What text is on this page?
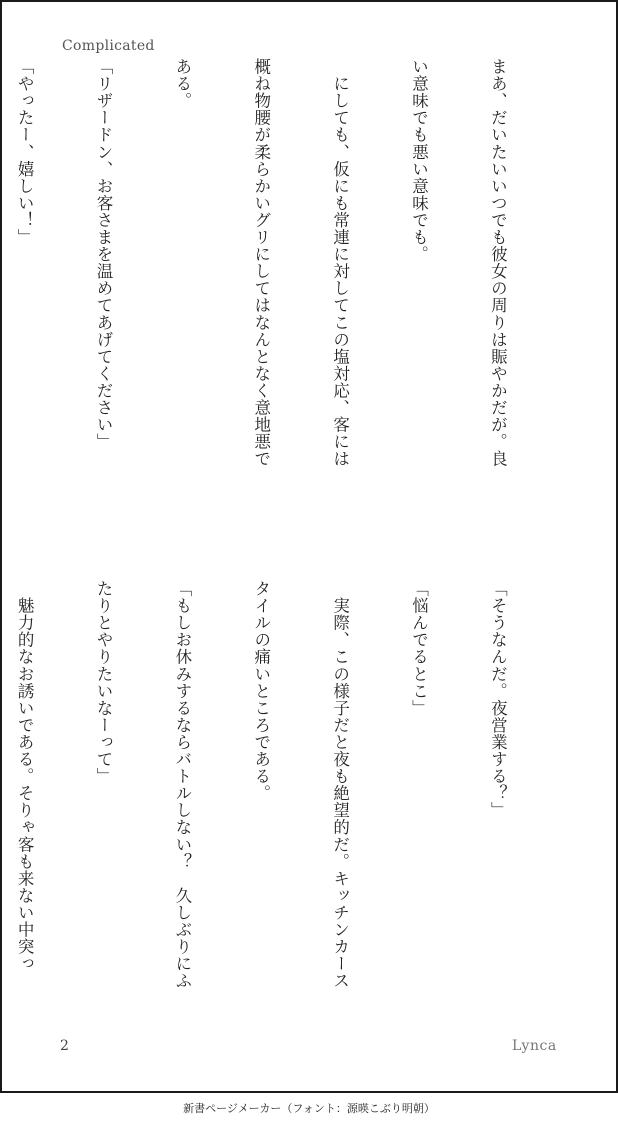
Complicated

まあ、だいたいいつでも彼女の周りは賑やかだが。良

い意味でも悪い意味でも。

　にしても、仮にも常連に対してこの塩対応、客には

概ね物腰が柔らかいグリにしてはなんとなく意地悪で

ある。

「リザードン、お客さまを温めてあげてください」

「やったー、嬉しい！」

「そうなんだ。夜営業する？」

「悩んでるとこ」

　実際、この様子だと夜も絶望的だ。キッチンカース

タイルの痛いところである。

「もしお休みするならバトルしない？　久しぶりにふ

たりとやりたいなーって」

　魅力的なお誘いである。そりゃ客も来ない中突っ

2	Lynca
新書ページメーカー（フォント：源暎こぶり明朝）
